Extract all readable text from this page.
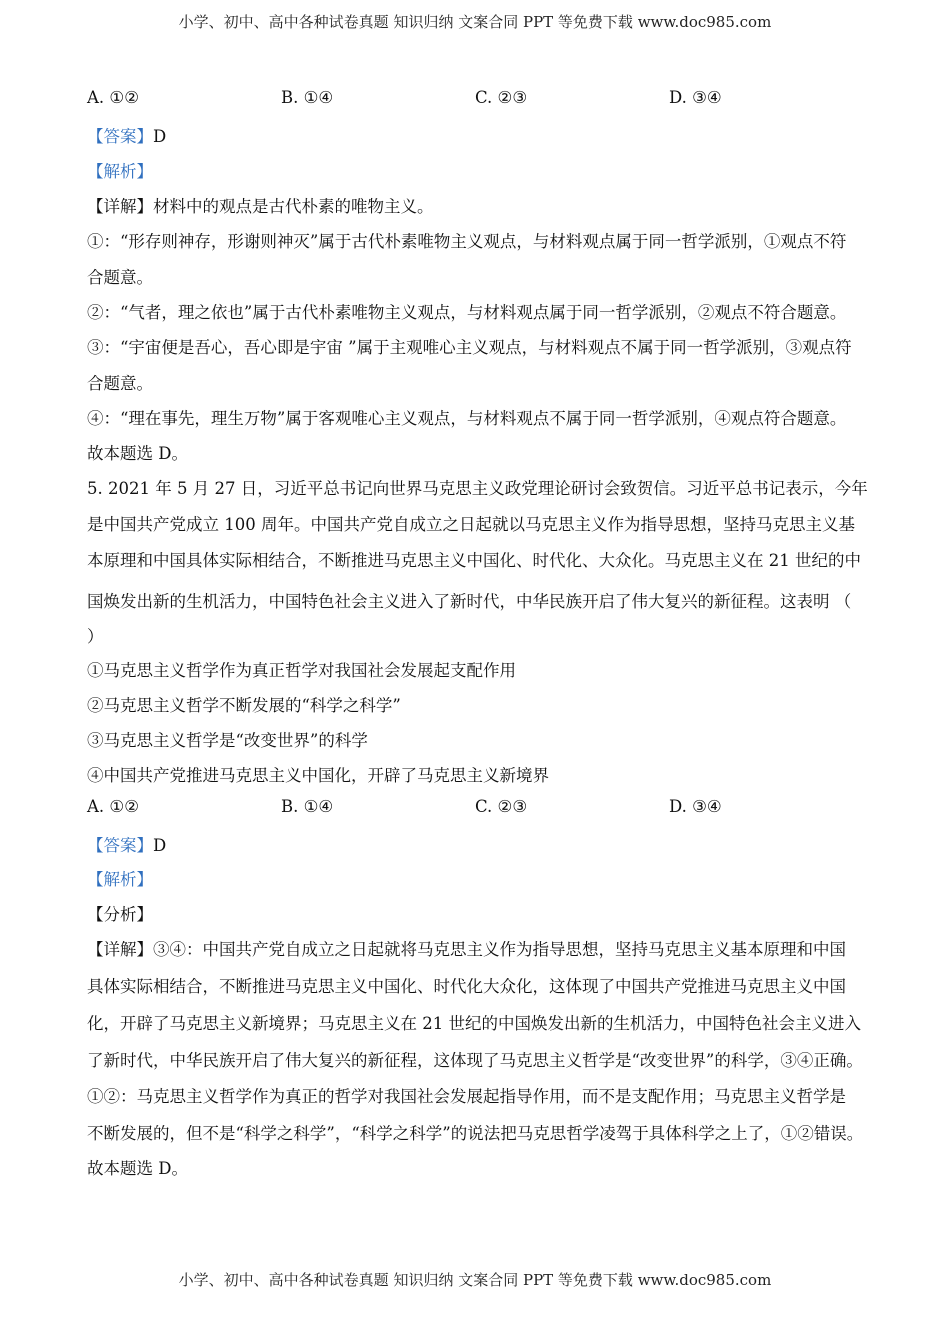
小学、初中、高中各种试卷真题 知识归纳 文案合同 PPT 等免费下载 www.doc985.com
A. ①②	B. ①④	C. ②③	D. ③④
【答案】D
【解析】
【详解】材料中的观点是古代朴素的唯物主义。
①：“形存则神存，形谢则神灭”属于古代朴素唯物主义观点，与材料观点属于同一哲学派别，①观点不符
合题意。
②：“气者，理之依也”属于古代朴素唯物主义观点，与材料观点属于同一哲学派别，②观点不符合题意。
③：“宇宙便是吾心，吾心即是宇宙 ”属于主观唯心主义观点，与材料观点不属于同一哲学派别，③观点符
合题意。
④：“理在事先，理生万物”属于客观唯心主义观点，与材料观点不属于同一哲学派别，④观点符合题意。
故本题选 D。
5. 2021 年 5 月 27 日，习近平总书记向世界马克思主义政党理论研讨会致贺信。习近平总书记表示，今年
是中国共产党成立 100 周年。中国共产党自成立之日起就以马克思主义作为指导思想，坚持马克思主义基
本原理和中国具体实际相结合，不断推进马克思主义中国化、时代化、大众化。马克思主义在 21 世纪的中
国焕发出新的生机活力，中国特色社会主义进入了新时代，中华民族开启了伟大复兴的新征程。这表明 （
）
①马克思主义哲学作为真正哲学对我国社会发展起支配作用
②马克思主义哲学不断发展的“科学之科学”
③马克思主义哲学是“改变世界”的科学
④中国共产党推进马克思主义中国化，开辟了马克思主义新境界
A. ①②	B. ①④	C. ②③	D. ③④
【答案】D
【解析】
【分析】
【详解】③④：中国共产党自成立之日起就将马克思主义作为指导思想，坚持马克思主义基本原理和中国
具体实际相结合，不断推进马克思主义中国化、时代化大众化，这体现了中国共产党推进马克思主义中国
化，开辟了马克思主义新境界；马克思主义在 21 世纪的中国焕发出新的生机活力，中国特色社会主义进入
了新时代，中华民族开启了伟大复兴的新征程，这体现了马克思主义哲学是“改变世界”的科学，③④正确。
①②：马克思主义哲学作为真正的哲学对我国社会发展起指导作用，而不是支配作用；马克思主义哲学是
不断发展的，但不是“科学之科学”，“科学之科学”的说法把马克思哲学凌驾于具体科学之上了，①②错误。
故本题选 D。
小学、初中、高中各种试卷真题 知识归纳 文案合同 PPT 等免费下载 www.doc985.com
